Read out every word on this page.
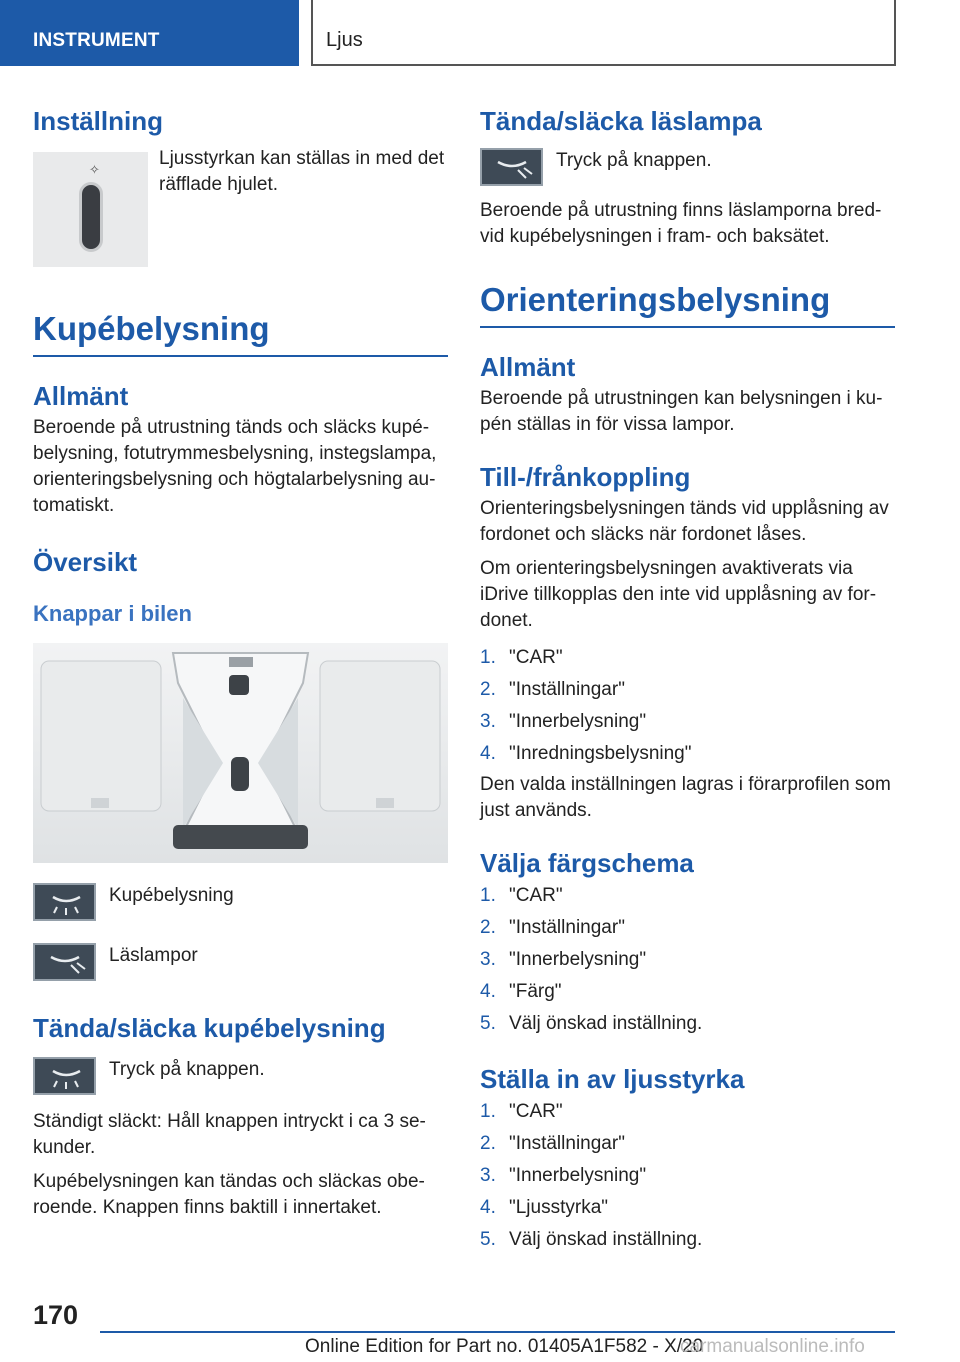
INSTRUMENT	Ljus
Inställning
✧
Ljusstyrkan kan ställas in med det räfflade hjulet.
Kupébelysning
Allmänt

Beroende på utrustning tänds och släcks kupé- belysning, fotutrymmesbelysning, instegslampa, orienteringsbelysning och högtalarbelysning au- tomatiskt.

Översikt
Knappar i bilen
Kupébelysning
Läslampor
Tända/släcka kupébelysning
Tryck på knappen.

Ständigt släckt: Håll knappen intryckt i ca 3 se- kunder.

Kupébelysningen kan tändas och släckas obe- roende. Knappen finns baktill i innertaket.

Tända/släcka läslampa
Tryck på knappen.

Beroende på utrustning finns läslamporna bred- vid kupébelysningen i fram- och baksätet.

Orienteringsbelysning
Allmänt

Beroende på utrustningen kan belysningen i ku- pén ställas in för vissa lampor.

Till-/frånkoppling

Orienteringsbelysningen tänds vid upplåsning av fordonet och släcks när fordonet låses.

Om orienteringsbelysningen avaktiverats via iDrive tillkopplas den inte vid upplåsning av for- donet.

1. "CAR"
2. "Inställningar"
3. "Innerbelysning"
4. "Inredningsbelysning"

Den valda inställningen lagras i förarprofilen som just används.

Välja färgschema
1. "CAR"
2. "Inställningar"
3. "Innerbelysning"
4. "Färg"
5. Välj önskad inställning.
Ställa in av ljusstyrka
1. "CAR"
2. "Inställningar"
3. "Innerbelysning"
4. "Ljusstyrka"
5. Välj önskad inställning.
170
Online Edition for Part no. 01405A1F582 - X/20
carmanualsonline.info
